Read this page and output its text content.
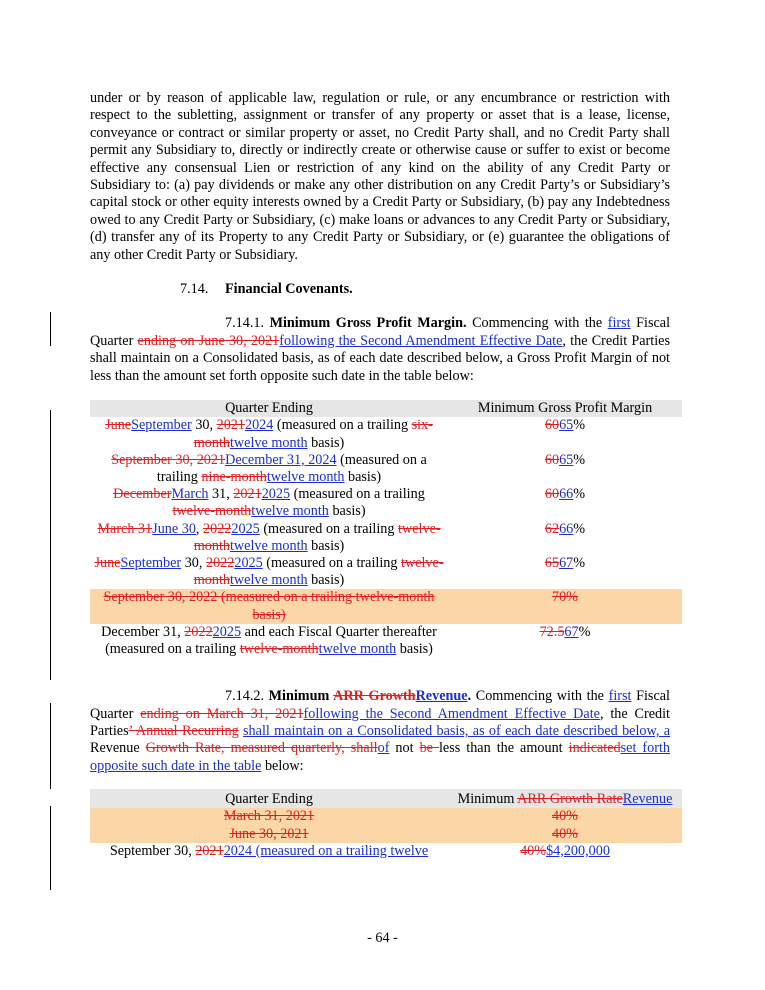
under or by reason of applicable law, regulation or rule, or any encumbrance or restriction with respect to the subletting, assignment or transfer of any property or asset that is a lease, license, conveyance or contract or similar property or asset, no Credit Party shall, and no Credit Party shall permit any Subsidiary to, directly or indirectly create or otherwise cause or suffer to exist or become effective any consensual Lien or restriction of any kind on the ability of any Credit Party or Subsidiary to: (a) pay dividends or make any other distribution on any Credit Party’s or Subsidiary’s capital stock or other equity interests owned by a Credit Party or Subsidiary, (b) pay any Indebtedness owed to any Credit Party or Subsidiary, (c) make loans or advances to any Credit Party or Subsidiary, (d) transfer any of its Property to any Credit Party or Subsidiary, or (e) guarantee the obligations of any other Credit Party or Subsidiary.

7.14. Financial Covenants.

7.14.1. Minimum Gross Profit Margin. Commencing with the first Fiscal Quarter ending on June 30, 2021following the Second Amendment Effective Date, the Credit Parties shall maintain on a Consolidated basis, as of each date described below, a Gross Profit Margin of not less than the amount set forth opposite such date in the table below:

Quarter Ending	Minimum Gross Profit Margin
JuneSeptember 30, 20212024 (measured on a trailing six-monthtwelve month basis)	6065%
September 30, 2021December 31, 2024 (measured on a trailing nine-monthtwelve month basis)	6065%
DecemberMarch 31, 20212025 (measured on a trailing twelve-monthtwelve month basis)	6066%
March 31June 30, 20222025 (measured on a trailing twelve-monthtwelve month basis)	6266%
JuneSeptember 30, 20222025 (measured on a trailing twelve-monthtwelve month basis)	6567%
September 30, 2022 (measured on a trailing twelve-month basis)	70%
December 31, 20222025 and each Fiscal Quarter thereafter (measured on a trailing twelve-monthtwelve month basis)	72.567%

7.14.2. Minimum ARR GrowthRevenue. Commencing with the first Fiscal Quarter ending on March 31, 2021following the Second Amendment Effective Date, the Credit Parties’ Annual Recurring shall maintain on a Consolidated basis, as of each date described below, a Revenue Growth Rate, measured quarterly, shallof not be less than the amount indicatedset forth opposite such date in the table below:

Quarter Ending	Minimum ARR Growth RateRevenue
March 31, 2021	40%
June 30, 2021	40%
September 30, 20212024 (measured on a trailing twelve	40%$4,200,000
- 64 -
